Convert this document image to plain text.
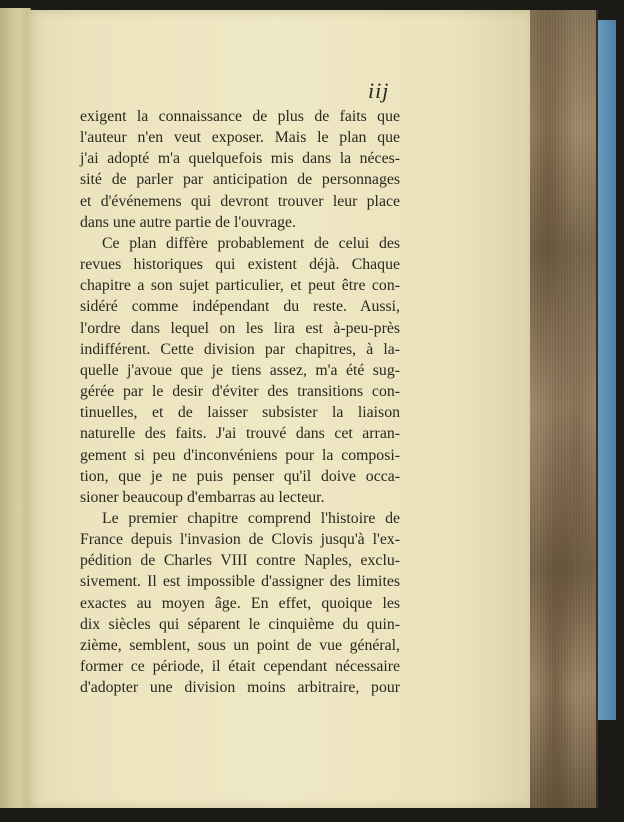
iij
exigent la connaissance de plus de faits que
l'auteur n'en veut exposer. Mais le plan que
j'ai adopté m'a quelquefois mis dans la néces-
sité de parler par anticipation de personnages
et d'événemens qui devront trouver leur place
dans une autre partie de l'ouvrage.
Ce plan diffère probablement de celui des
revues historiques qui existent déjà. Chaque
chapitre a son sujet particulier, et peut être con-
sidéré comme indépendant du reste. Aussi,
l'ordre dans lequel on les lira est à-peu-près
indifférent. Cette division par chapitres, à la-
quelle j'avoue que je tiens assez, m'a été sug-
gérée par le desir d'éviter des transitions con-
tinuelles, et de laisser subsister la liaison
naturelle des faits. J'ai trouvé dans cet arran-
gement si peu d'inconvéniens pour la composi-
tion, que je ne puis penser qu'il doive occa-
sioner beaucoup d'embarras au lecteur.
Le premier chapitre comprend l'histoire de
France depuis l'invasion de Clovis jusqu'à l'ex-
pédition de Charles VIII contre Naples, exclu-
sivement. Il est impossible d'assigner des limites
exactes au moyen âge. En effet, quoique les
dix siècles qui séparent le cinquième du quin-
zième, semblent, sous un point de vue général,
former ce période, il était cependant nécessaire
d'adopter une division moins arbitraire, pour
